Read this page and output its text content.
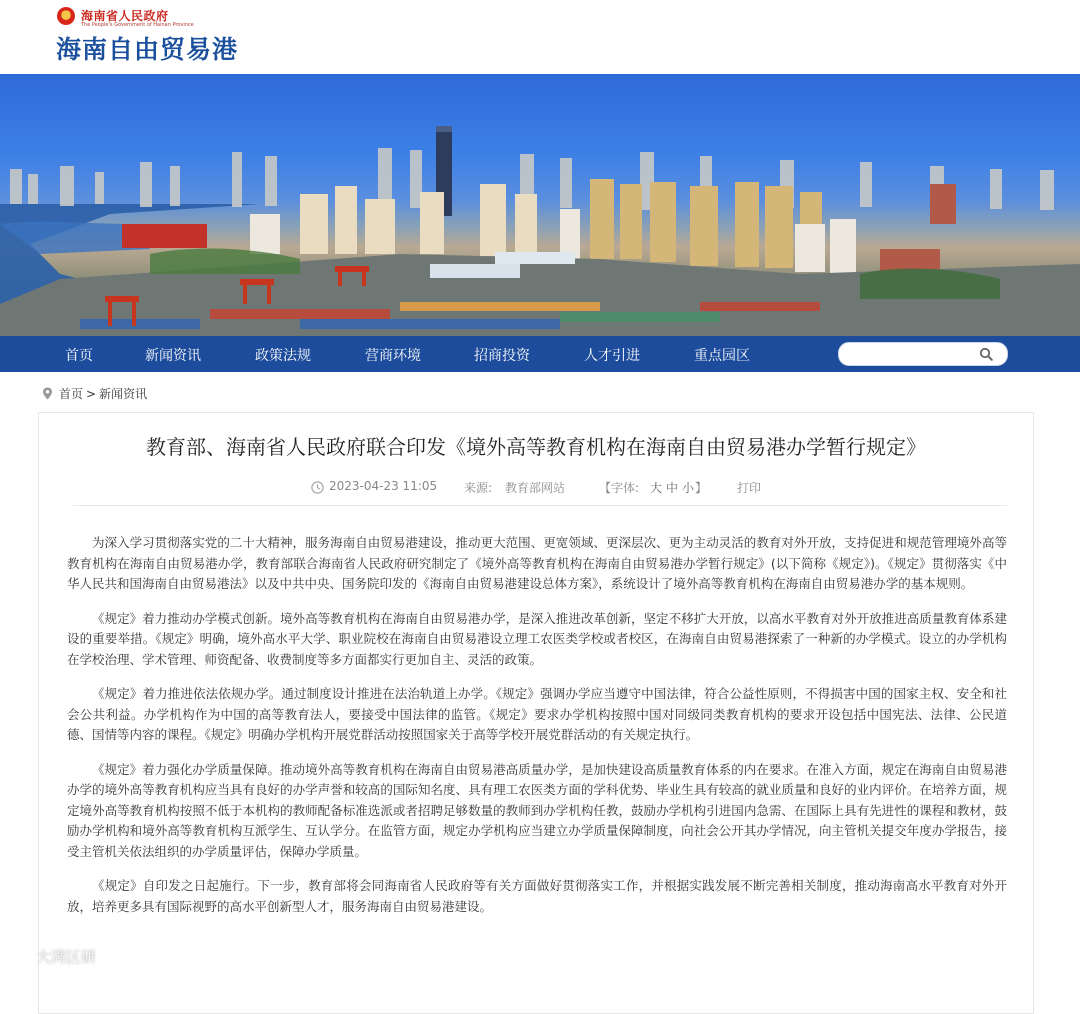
海南省人民政府
The People's Government of Hainan Province
海南自由贸易港
首页	新闻资讯	政策法规	营商环境	招商投资	人才引进	重点园区
首页 > 新闻资讯
教育部、海南省人民政府联合印发《境外高等教育机构在海南自由贸易港办学暂行规定》
2023-04-23 11:05 来源: 教育部网站	【字体: 大 中 小 】 打印

为深入学习贯彻落实党的二十大精神，服务海南自由贸易港建设，推动更大范围、更宽领域、更深层次、更为主动灵活的教育对外开放，支持促进和规范管理境外高等教育机构在海南自由贸易港办学，教育部联合海南省人民政府研究制定了《境外高等教育机构在海南自由贸易港办学暂行规定》(以下简称《规定》)。《规定》贯彻落实《中华人民共和国海南自由贸易港法》以及中共中央、国务院印发的《海南自由贸易港建设总体方案》，系统设计了境外高等教育机构在海南自由贸易港办学的基本规则。

《规定》着力推动办学模式创新。境外高等教育机构在海南自由贸易港办学，是深入推进改革创新，坚定不移扩大开放，以高水平教育对外开放推进高质量教育体系建设的重要举措。《规定》明确，境外高水平大学、职业院校在海南自由贸易港设立理工农医类学校或者校区，在海南自由贸易港探索了一种新的办学模式。设立的办学机构在学校治理、学术管理、师资配备、收费制度等多方面都实行更加自主、灵活的政策。

《规定》着力推进依法依规办学。通过制度设计推进在法治轨道上办学。《规定》强调办学应当遵守中国法律，符合公益性原则，不得损害中国的国家主权、安全和社会公共利益。办学机构作为中国的高等教育法人，要接受中国法律的监管。《规定》要求办学机构按照中国对同级同类教育机构的要求开设包括中国宪法、法律、公民道德、国情等内容的课程。《规定》明确办学机构开展党群活动按照国家关于高等学校开展党群活动的有关规定执行。

《规定》着力强化办学质量保障。推动境外高等教育机构在海南自由贸易港高质量办学，是加快建设高质量教育体系的内在要求。在准入方面，规定在海南自由贸易港办学的境外高等教育机构应当具有良好的办学声誉和较高的国际知名度、具有理工农医类方面的学科优势、毕业生具有较高的就业质量和良好的业内评价。在培养方面，规定境外高等教育机构按照不低于本机构的教师配备标准选派或者招聘足够数量的教师到办学机构任教，鼓励办学机构引进国内急需、在国际上具有先进性的课程和教材，鼓励办学机构和境外高等教育机构互派学生、互认学分。在监管方面，规定办学机构应当建立办学质量保障制度，向社会公开其办学情况，向主管机关提交年度办学报告，接受主管机关依法组织的办学质量评估，保障办学质量。

《规定》自印发之日起施行。下一步，教育部将会同海南省人民政府等有关方面做好贯彻落实工作，并根据实践发展不断完善相关制度，推动海南高水平教育对外开放，培养更多具有国际视野的高水平创新型人才，服务海南自由贸易港建设。

大湾区研
